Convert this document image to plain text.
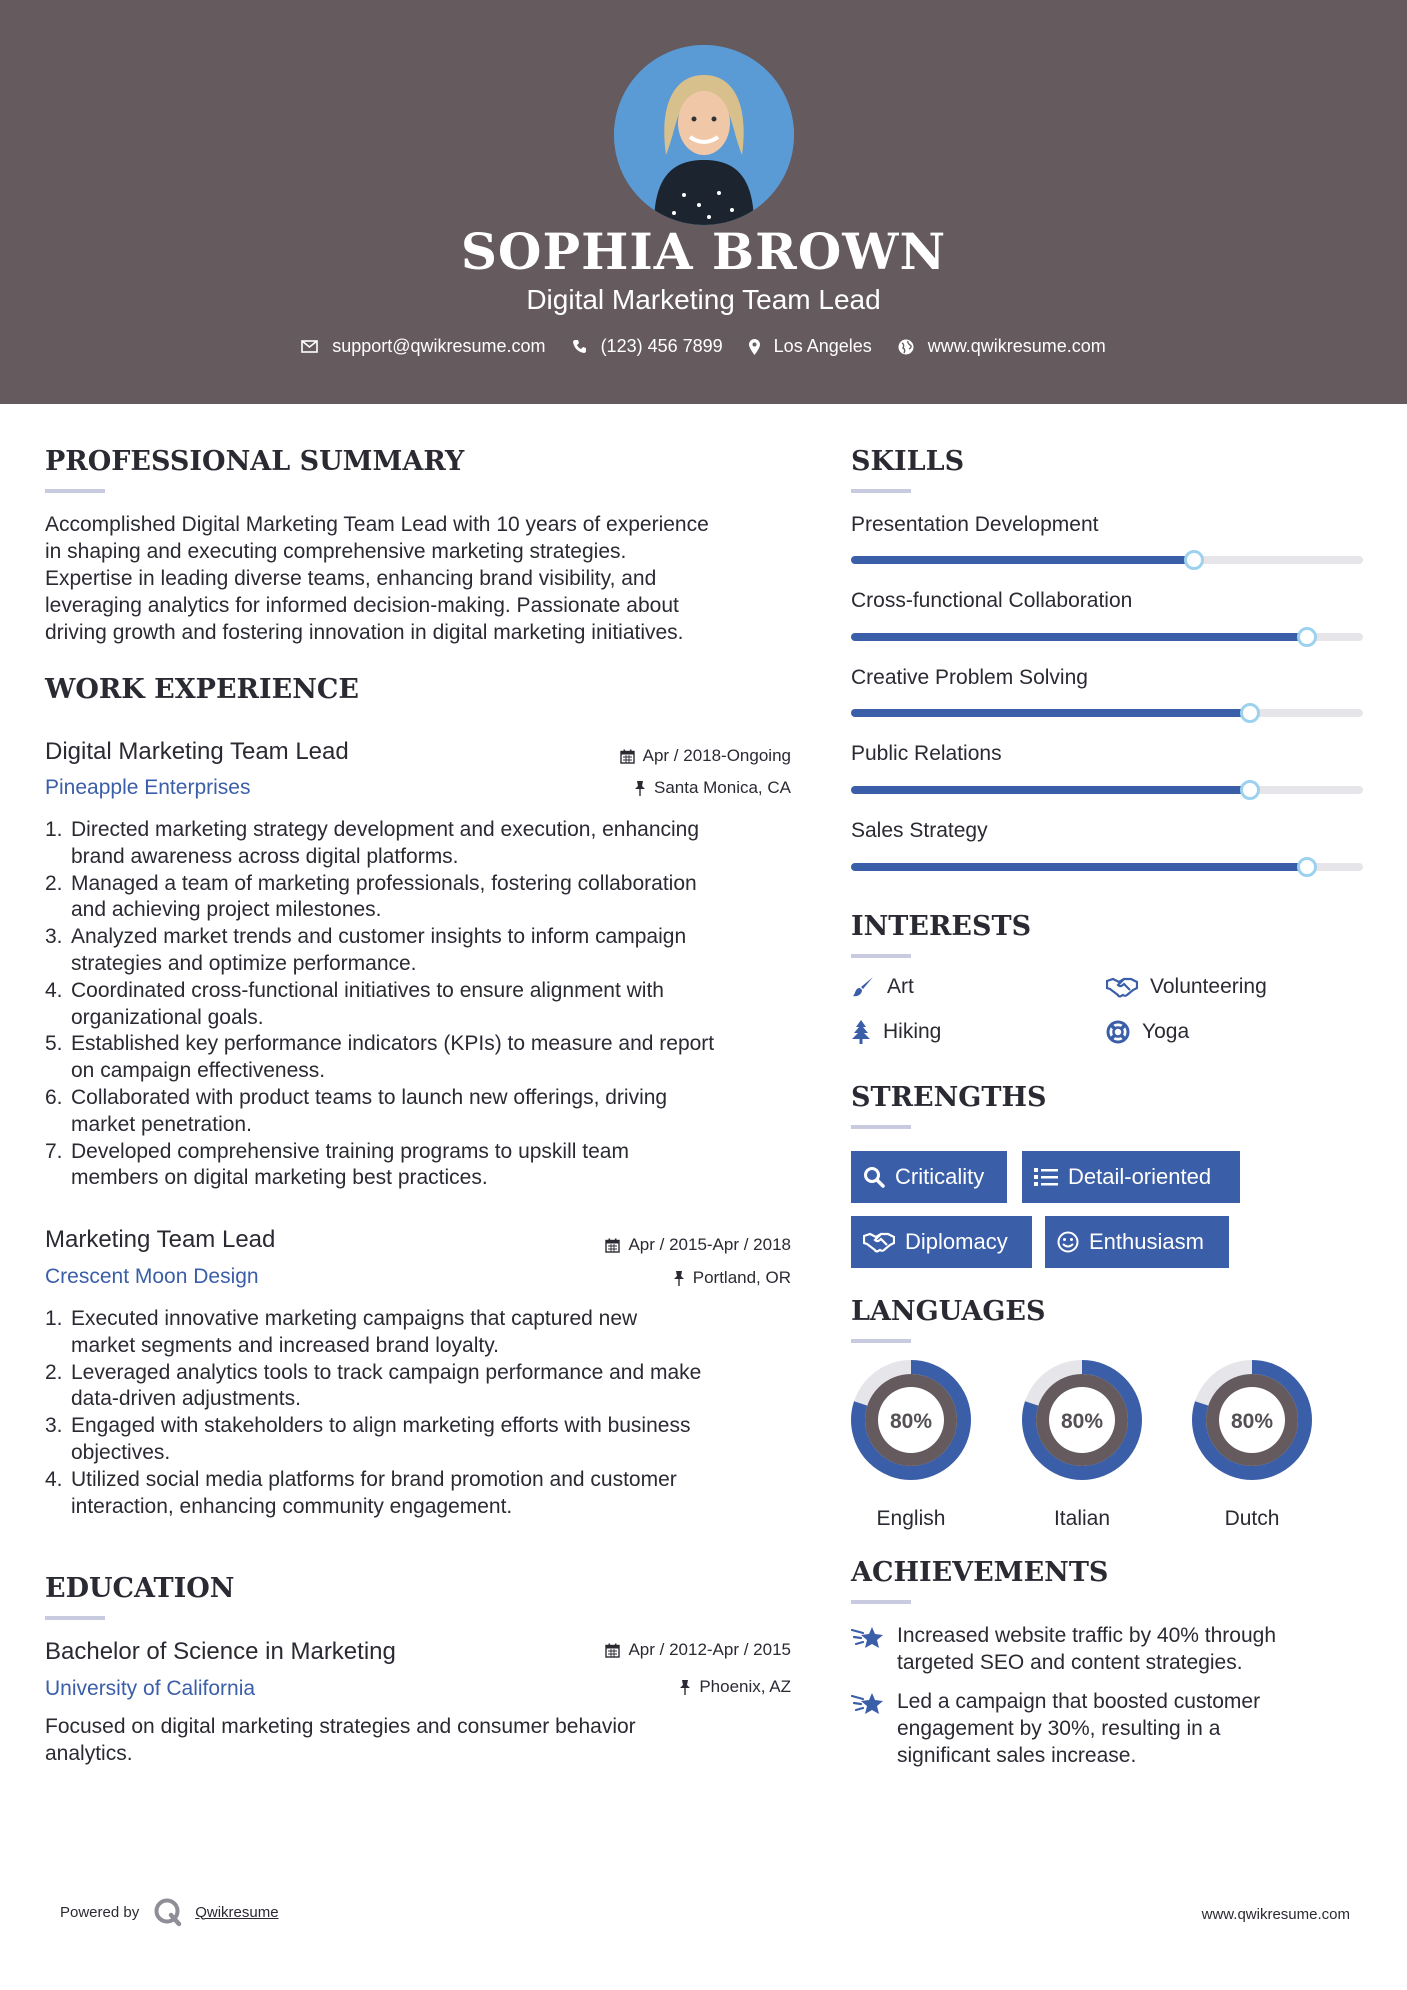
SOPHIA BROWN
Digital Marketing Team Lead
support@qwikresume.com	(123) 456 7899	Los Angeles	www.qwikresume.com
PROFESSIONAL SUMMARY
Accomplished Digital Marketing Team Lead with 10 years of experience
in shaping and executing comprehensive marketing strategies.
Expertise in leading diverse teams, enhancing brand visibility, and
leveraging analytics for informed decision-making. Passionate about
driving growth and fostering innovation in digital marketing initiatives.
WORK EXPERIENCE
Digital Marketing Team Lead	Apr / 2018-Ongoing
Pineapple Enterprises	Santa Monica, CA
1. Directed marketing strategy development and execution, enhancing
brand awareness across digital platforms.
2. Managed a team of marketing professionals, fostering collaboration
and achieving project milestones.
3. Analyzed market trends and customer insights to inform campaign
strategies and optimize performance.
4. Coordinated cross-functional initiatives to ensure alignment with
organizational goals.
5. Established key performance indicators (KPIs) to measure and report
on campaign effectiveness.
6. Collaborated with product teams to launch new offerings, driving
market penetration.
7. Developed comprehensive training programs to upskill team
members on digital marketing best practices.
Marketing Team Lead	Apr / 2015-Apr / 2018
Crescent Moon Design	Portland, OR
1. Executed innovative marketing campaigns that captured new
market segments and increased brand loyalty.
2. Leveraged analytics tools to track campaign performance and make
data-driven adjustments.
3. Engaged with stakeholders to align marketing efforts with business
objectives.
4. Utilized social media platforms for brand promotion and customer
interaction, enhancing community engagement.
EDUCATION
Bachelor of Science in Marketing	Apr / 2012-Apr / 2015
University of California	Phoenix, AZ
Focused on digital marketing strategies and consumer behavior
analytics.
SKILLS
Presentation Development
Cross-functional Collaboration
Creative Problem Solving
Public Relations
Sales Strategy
INTERESTS
Art	Volunteering
Hiking	Yoga
STRENGTHS
Criticality	Detail-oriented
Diplomacy	Enthusiasm
LANGUAGES
80%
English
80%
Italian
80%
Dutch
ACHIEVEMENTS
Increased website traffic by 40% through
targeted SEO and content strategies.
Led a campaign that boosted customer
engagement by 30%, resulting in a
significant sales increase.
Powered by	Qwikresume	www.qwikresume.com
